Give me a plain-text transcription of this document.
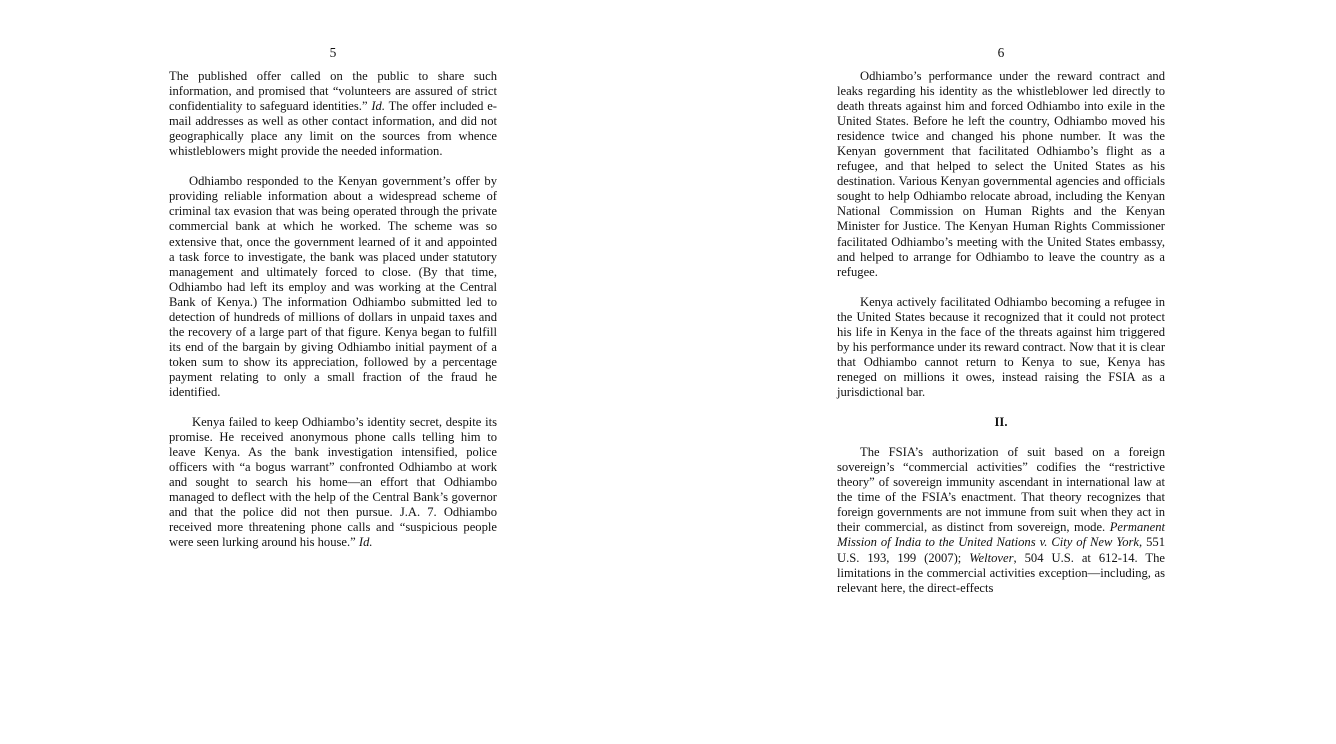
5

The published offer called on the public to share such information, and promised that “volunteers are assured of strict confidentiality to safeguard identities.” Id. The offer included e-mail addresses as well as other contact information, and did not geographically place any limit on the sources from whence whistleblowers might provide the needed information.

Odhiambo responded to the Kenyan government’s offer by providing reliable information about a widespread scheme of criminal tax evasion that was being operated through the private commercial bank at which he worked. The scheme was so extensive that, once the government learned of it and appointed a task force to investigate, the bank was placed under statutory management and ultimately forced to close. (By that time, Odhiambo had left its employ and was working at the Central Bank of Kenya.) The information Odhiambo submitted led to detection of hundreds of millions of dollars in unpaid taxes and the recovery of a large part of that figure. Kenya began to fulfill its end of the bargain by giving Odhiambo initial payment of a token sum to show its appreciation, followed by a percentage payment relating to only a small fraction of the fraud he identified.

Kenya failed to keep Odhiambo’s identity secret, despite its promise. He received anonymous phone calls telling him to leave Kenya. As the bank investigation intensified, police officers with “a bogus warrant” confronted Odhiambo at work and sought to search his home—an effort that Odhiambo managed to deflect with the help of the Central Bank’s governor and that the police did not then pursue. J.A. 7. Odhiambo received more threatening phone calls and “suspicious people were seen lurking around his house.” Id.

6

Odhiambo’s performance under the reward contract and leaks regarding his identity as the whistleblower led directly to death threats against him and forced Odhiambo into exile in the United States. Before he left the country, Odhiambo moved his residence twice and changed his phone number. It was the Kenyan government that facilitated Odhiambo’s flight as a refugee, and that helped to select the United States as his destination. Various Kenyan governmental agencies and officials sought to help Odhiambo relocate abroad, including the Kenyan National Commission on Human Rights and the Kenyan Minister for Justice. The Kenyan Human Rights Commissioner facilitated Odhiambo’s meeting with the United States embassy, and helped to arrange for Odhiambo to leave the country as a refugee.

Kenya actively facilitated Odhiambo becoming a refugee in the United States because it recognized that it could not protect his life in Kenya in the face of the threats against him triggered by his performance under its reward contract. Now that it is clear that Odhiambo cannot return to Kenya to sue, Kenya has reneged on millions it owes, instead raising the FSIA as a jurisdictional bar.

II.

The FSIA’s authorization of suit based on a foreign sovereign’s “commercial activities” codifies the “restrictive theory” of sovereign immunity ascendant in international law at the time of the FSIA’s enactment. That theory recognizes that foreign governments are not immune from suit when they act in their commercial, as distinct from sovereign, mode. Permanent Mission of India to the United Nations v. City of New York, 551 U.S. 193, 199 (2007); Weltover, 504 U.S. at 612-14. The limitations in the commercial activities exception—including, as relevant here, the direct-effects
